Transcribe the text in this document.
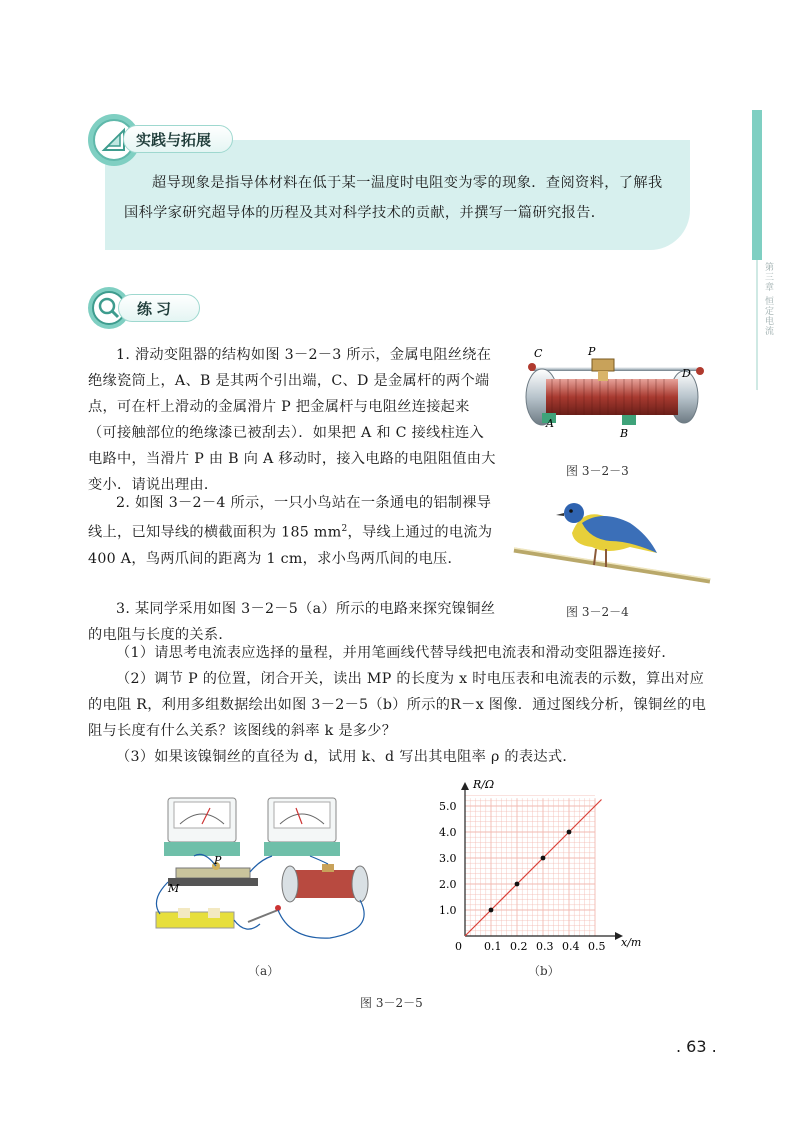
第三章 恒定电流
实践与拓展
超导现象是指导体材料在低于某一温度时电阻变为零的现象．查阅资料，了解我国科学家研究超导体的历程及其对科学技术的贡献，并撰写一篇研究报告．
练习

1. 滑动变阻器的结构如图 3－2－3 所示，金属电阻丝绕在绝缘瓷筒上，A、B 是其两个引出端，C、D 是金属杆的两个端点，可在杆上滑动的金属滑片 P 把金属杆与电阻丝连接起来（可接触部位的绝缘漆已被刮去）．如果把 A 和 C 接线柱连入电路中，当滑片 P 由 B 向 A 移动时，接入电路的电阻阻值由大变小．请说出理由．

2. 如图 3－2－4 所示，一只小鸟站在一条通电的铝制裸导线上，已知导线的横截面积为 185 $mm^2$，导线上通过的电流为400 A，鸟两爪间的距离为 1 cm，求小鸟两爪间的电压．

3. 某同学采用如图 3－2－5（a）所示的电路来探究镍铜丝的电阻与长度的关系．

（1）请思考电流表应选择的量程，并用笔画线代替导线把电流表和滑动变阻器连接好．

（2）调节 P 的位置，闭合开关，读出 MP 的长度为 x 时电压表和电流表的示数，算出对应的电阻 R，利用多组数据绘出如图 3－2－5（b）所示的R－x 图像．通过图线分析，镍铜丝的电阻与长度有什么关系？该图线的斜率 k 是多少？

（3）如果该镍铜丝的直径为 d，试用 k、d 写出其电阻率 ρ 的表达式．

C	P
D
A
B
图 3－2－3
图 3－2－4
P
M
（a）
0 0.1 0.2 0.3 0.4 0.5
1.0
2.0
3.0
4.0
5.0
R/Ω
x/m
（b）
图 3－2－5
. 63 .
